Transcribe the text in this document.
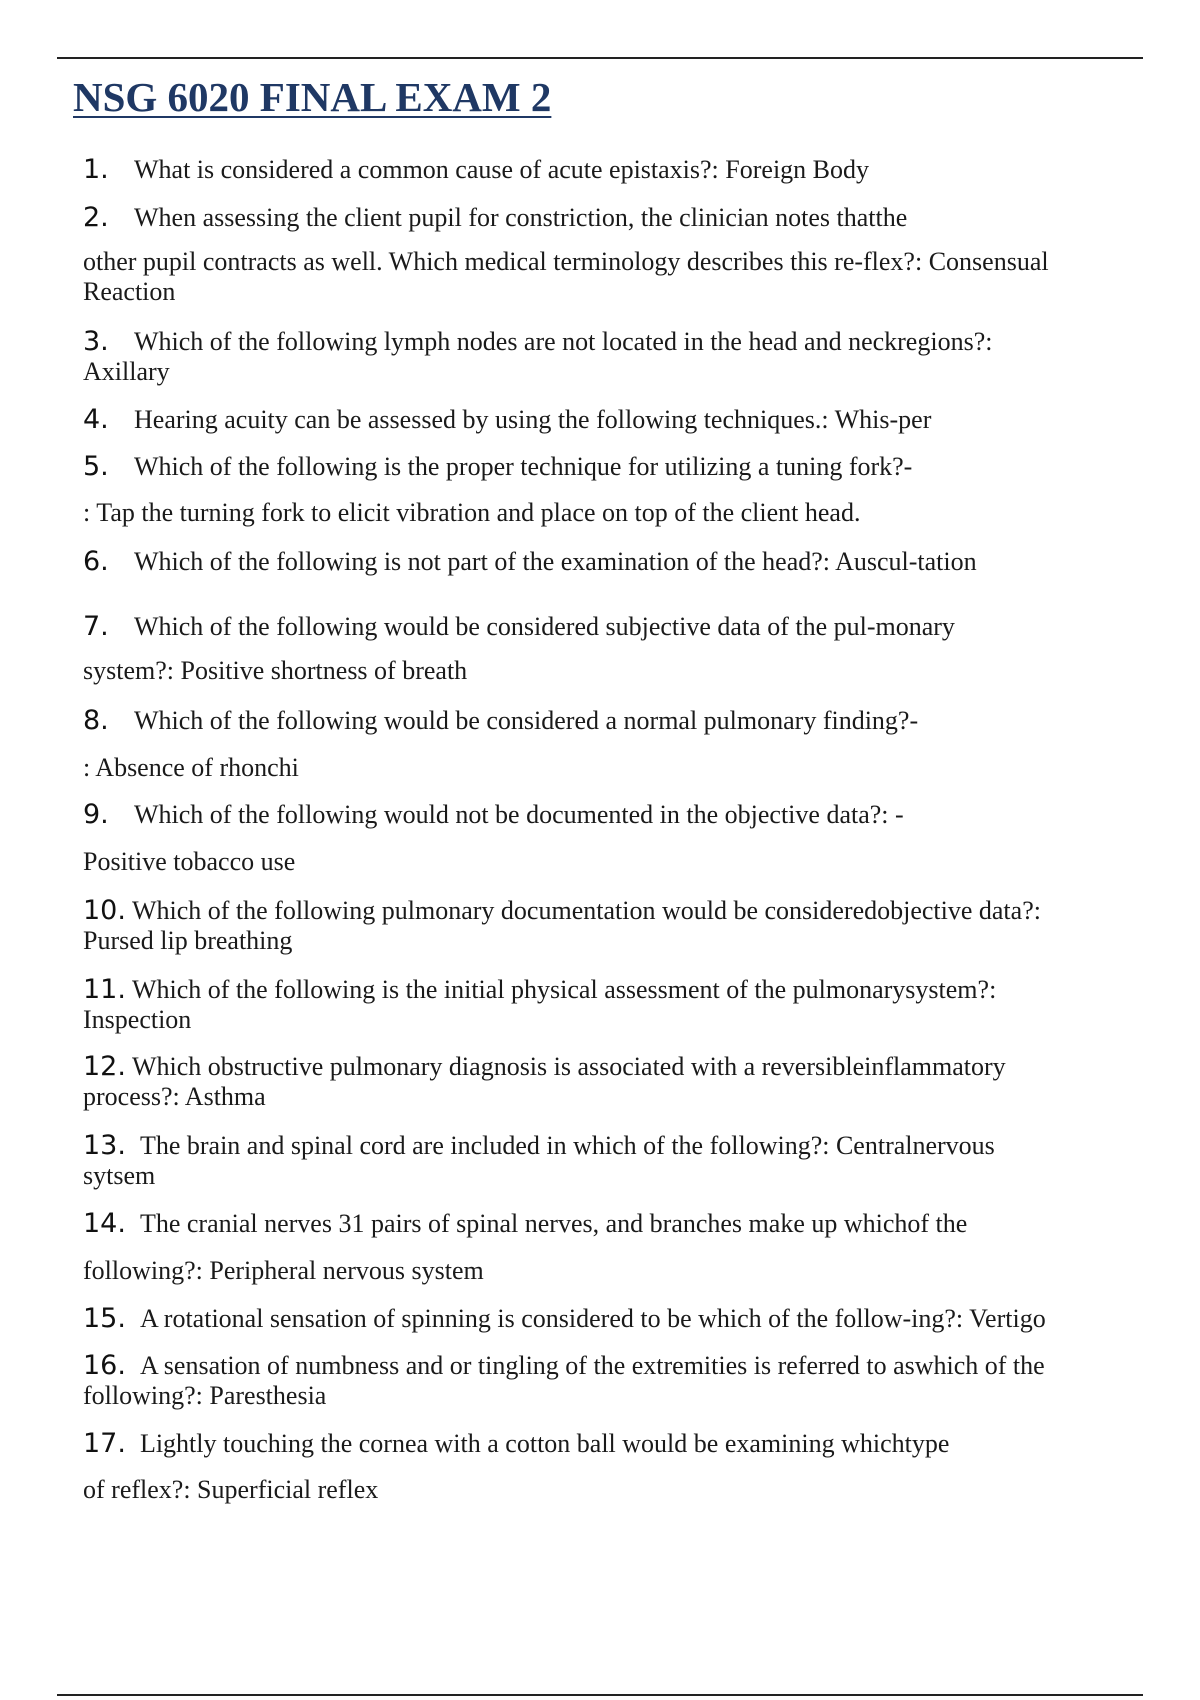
NSG 6020 FINAL EXAM 2
1. What is considered a common cause of acute epistaxis?: Foreign Body
2. When assessing the client pupil for constriction, the clinician notes thatthe
other pupil contracts as well. Which medical terminology describes this re-flex?: Consensual
Reaction
3. Which of the following lymph nodes are not located in the head and neckregions?:
Axillary
4. Hearing acuity can be assessed by using the following techniques.: Whis-per
5. Which of the following is the proper technique for utilizing a tuning fork?-
: Tap the turning fork to elicit vibration and place on top of the client head.
6. Which of the following is not part of the examination of the head?: Auscul-tation
7. Which of the following would be considered subjective data of the pul-monary
system?: Positive shortness of breath
8. Which of the following would be considered a normal pulmonary finding?-
: Absence of rhonchi
9. Which of the following would not be documented in the objective data?: -
Positive tobacco use
10. Which of the following pulmonary documentation would be consideredobjective data?:
Pursed lip breathing
11. Which of the following is the initial physical assessment of the pulmonarysystem?:
Inspection
12. Which obstructive pulmonary diagnosis is associated with a reversibleinflammatory
process?: Asthma
13. The brain and spinal cord are included in which of the following?: Centralnervous
sytsem
14. The cranial nerves 31 pairs of spinal nerves, and branches make up whichof the
following?: Peripheral nervous system
15. A rotational sensation of spinning is considered to be which of the follow-ing?: Vertigo
16. A sensation of numbness and or tingling of the extremities is referred to aswhich of the
following?: Paresthesia
17. Lightly touching the cornea with a cotton ball would be examining whichtype
of reflex?: Superficial reflex
